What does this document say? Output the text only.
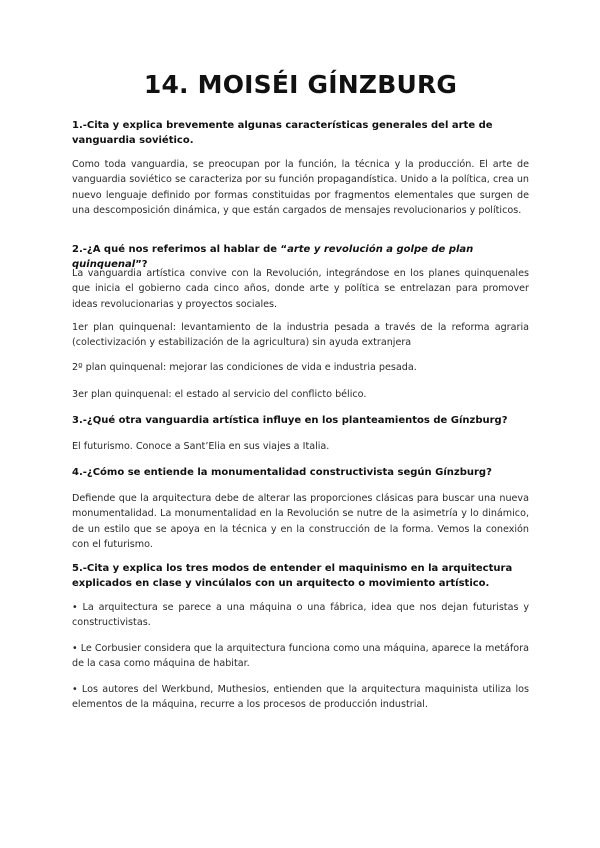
14. MOISÉI GÍNZBURG

1.-Cita y explica brevemente algunas características generales del arte de vanguardia soviético.

Como toda vanguardia, se preocupan por la función, la técnica y la producción. El arte de vanguardia soviético se caracteriza por su función propagandística. Unido a la política, crea un nuevo lenguaje definido por formas constituidas por fragmentos elementales que surgen de una descomposición dinámica, y que están cargados de mensajes revolucionarios y políticos.

2.-¿A qué nos referimos al hablar de “arte y revolución a golpe de plan quinquenal”?

La vanguardia artística convive con la Revolución, integrándose en los planes quinquenales que inicia el gobierno cada cinco años, donde arte y política se entrelazan para promover ideas revolucionarias y proyectos sociales.

1er plan quinquenal: levantamiento de la industria pesada a través de la reforma agraria (colectivización y estabilización de la agricultura) sin ayuda extranjera

2º plan quinquenal: mejorar las condiciones de vida e industria pesada.

3er plan quinquenal: el estado al servicio del conflicto bélico.

3.-¿Qué otra vanguardia artística influye en los planteamientos de Gínzburg?

El futurismo. Conoce a Sant’Elia en sus viajes a Italia.

4.-¿Cómo se entiende la monumentalidad constructivista según Gínzburg?

Defiende que la arquitectura debe de alterar las proporciones clásicas para buscar una nueva monumentalidad. La monumentalidad en la Revolución se nutre de la asimetría y lo dinámico, de un estilo que se apoya en la técnica y en la construcción de la forma. Vemos la conexión con el futurismo.

5.-Cita y explica los tres modos de entender el maquinismo en la arquitectura explicados en clase y vincúlalos con un arquitecto o movimiento artístico.

• La arquitectura se parece a una máquina o una fábrica, idea que nos dejan futuristas y constructivistas.

• Le Corbusier considera que la arquitectura funciona como una máquina, aparece la metáfora de la casa como máquina de habitar.

• Los autores del Werkbund, Muthesios, entienden que la arquitectura maquinista utiliza los elementos de la máquina, recurre a los procesos de producción industrial.
